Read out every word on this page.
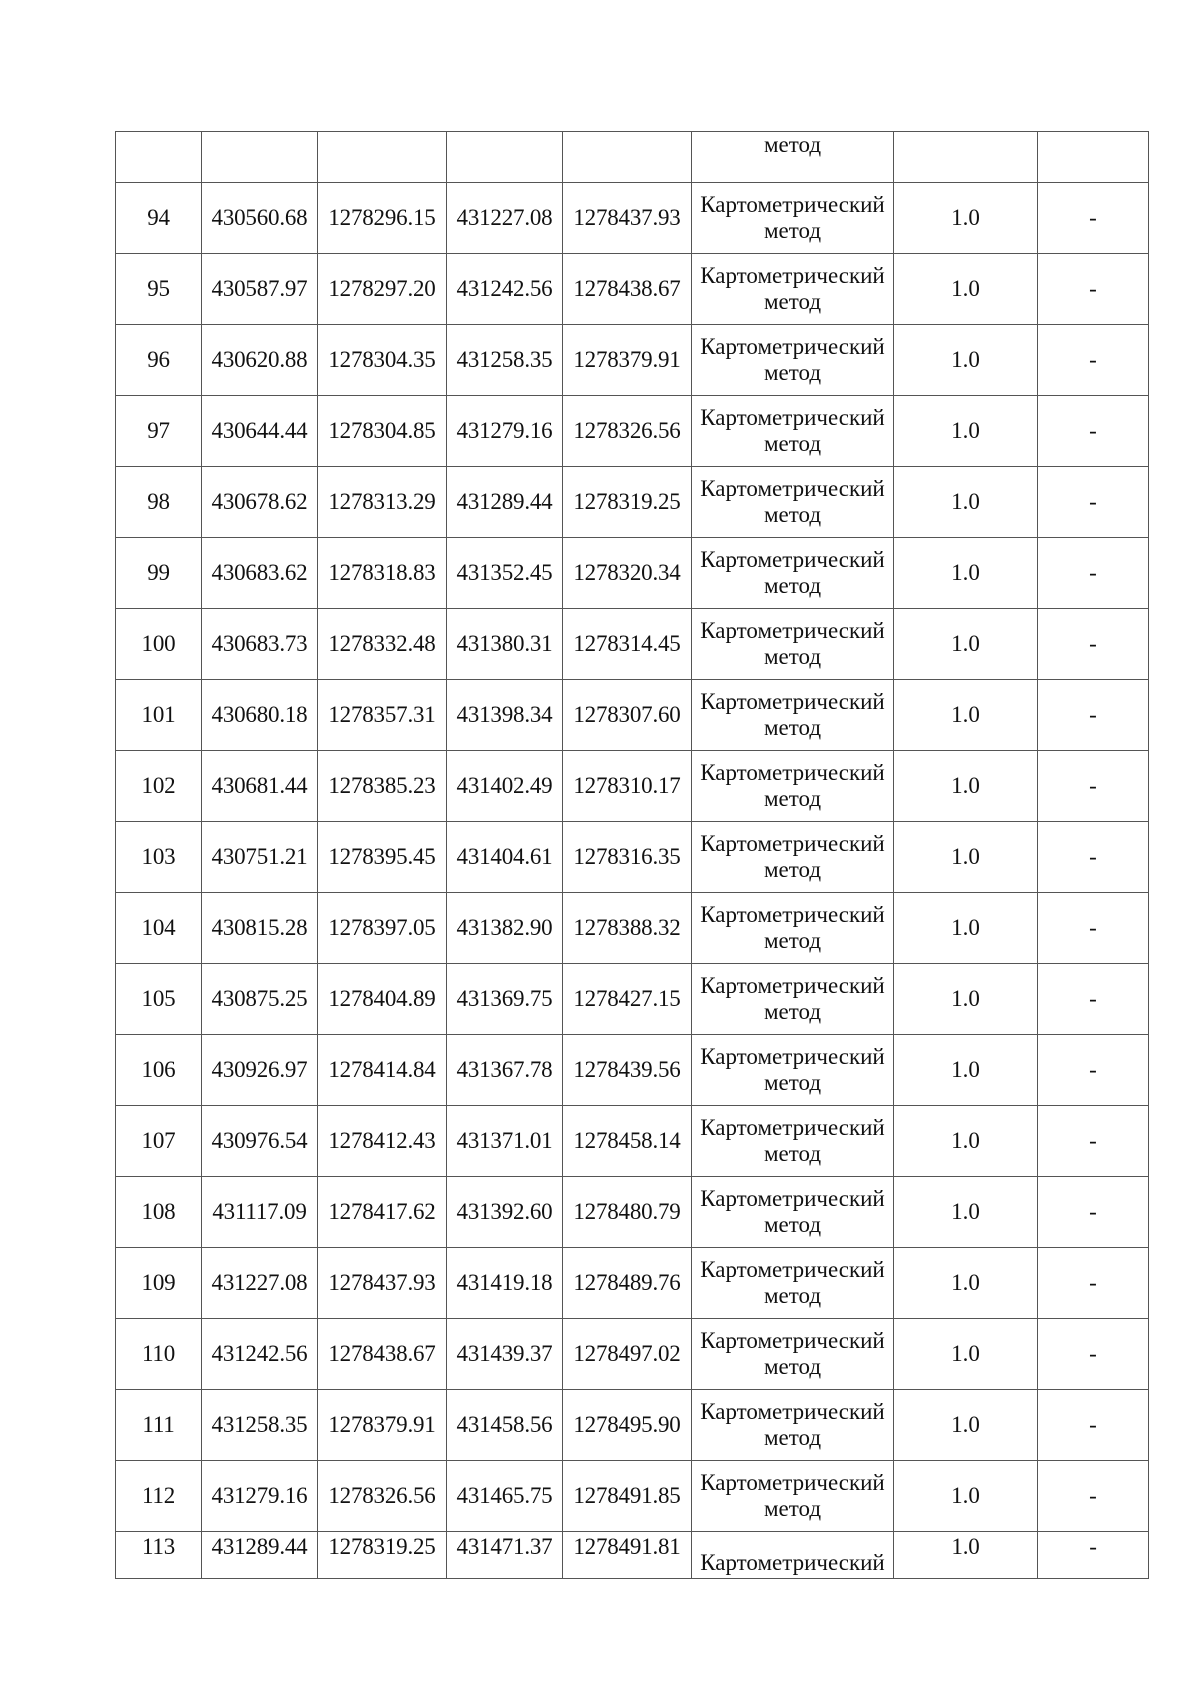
					метод		

94	430560.68	1278296.15	431227.08	1278437.93	Картометрический
метод	1.0	-
95	430587.97	1278297.20	431242.56	1278438.67	Картометрический
метод	1.0	-
96	430620.88	1278304.35	431258.35	1278379.91	Картометрический
метод	1.0	-
97	430644.44	1278304.85	431279.16	1278326.56	Картометрический
метод	1.0	-
98	430678.62	1278313.29	431289.44	1278319.25	Картометрический
метод	1.0	-
99	430683.62	1278318.83	431352.45	1278320.34	Картометрический
метод	1.0	-
100	430683.73	1278332.48	431380.31	1278314.45	Картометрический
метод	1.0	-
101	430680.18	1278357.31	431398.34	1278307.60	Картометрический
метод	1.0	-
102	430681.44	1278385.23	431402.49	1278310.17	Картометрический
метод	1.0	-
103	430751.21	1278395.45	431404.61	1278316.35	Картометрический
метод	1.0	-
104	430815.28	1278397.05	431382.90	1278388.32	Картометрический
метод	1.0	-
105	430875.25	1278404.89	431369.75	1278427.15	Картометрический
метод	1.0	-
106	430926.97	1278414.84	431367.78	1278439.56	Картометрический
метод	1.0	-
107	430976.54	1278412.43	431371.01	1278458.14	Картометрический
метод	1.0	-
108	431117.09	1278417.62	431392.60	1278480.79	Картометрический
метод	1.0	-
109	431227.08	1278437.93	431419.18	1278489.76	Картометрический
метод	1.0	-
110	431242.56	1278438.67	431439.37	1278497.02	Картометрический
метод	1.0	-
111	431258.35	1278379.91	431458.56	1278495.90	Картометрический
метод	1.0	-
112	431279.16	1278326.56	431465.75	1278491.85	Картометрический
метод	1.0	-
113	431289.44	1278319.25	431471.37	1278491.81	Картометрический	1.0	-
